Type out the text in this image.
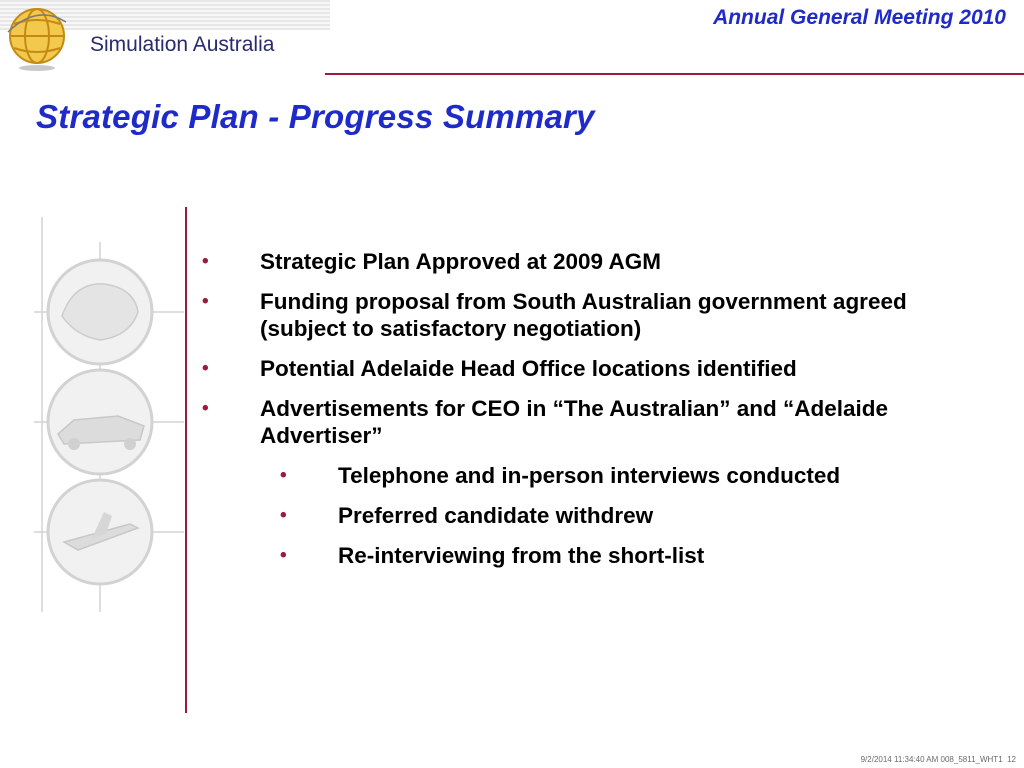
Simulation Australia
Annual General Meeting 2010
Strategic Plan - Progress Summary
• Strategic Plan Approved at 2009 AGM
• Funding proposal from South Australian government agreed (subject to satisfactory negotiation)
• Potential Adelaide Head Office locations identified
• Advertisements for CEO in “The Australian” and “Adelaide Advertiser”
• Telephone and in-person interviews conducted
• Preferred candidate withdrew
• Re-interviewing from the short-list
9/2/2014 11:34:40 AM 008_5811_WHT1 12
